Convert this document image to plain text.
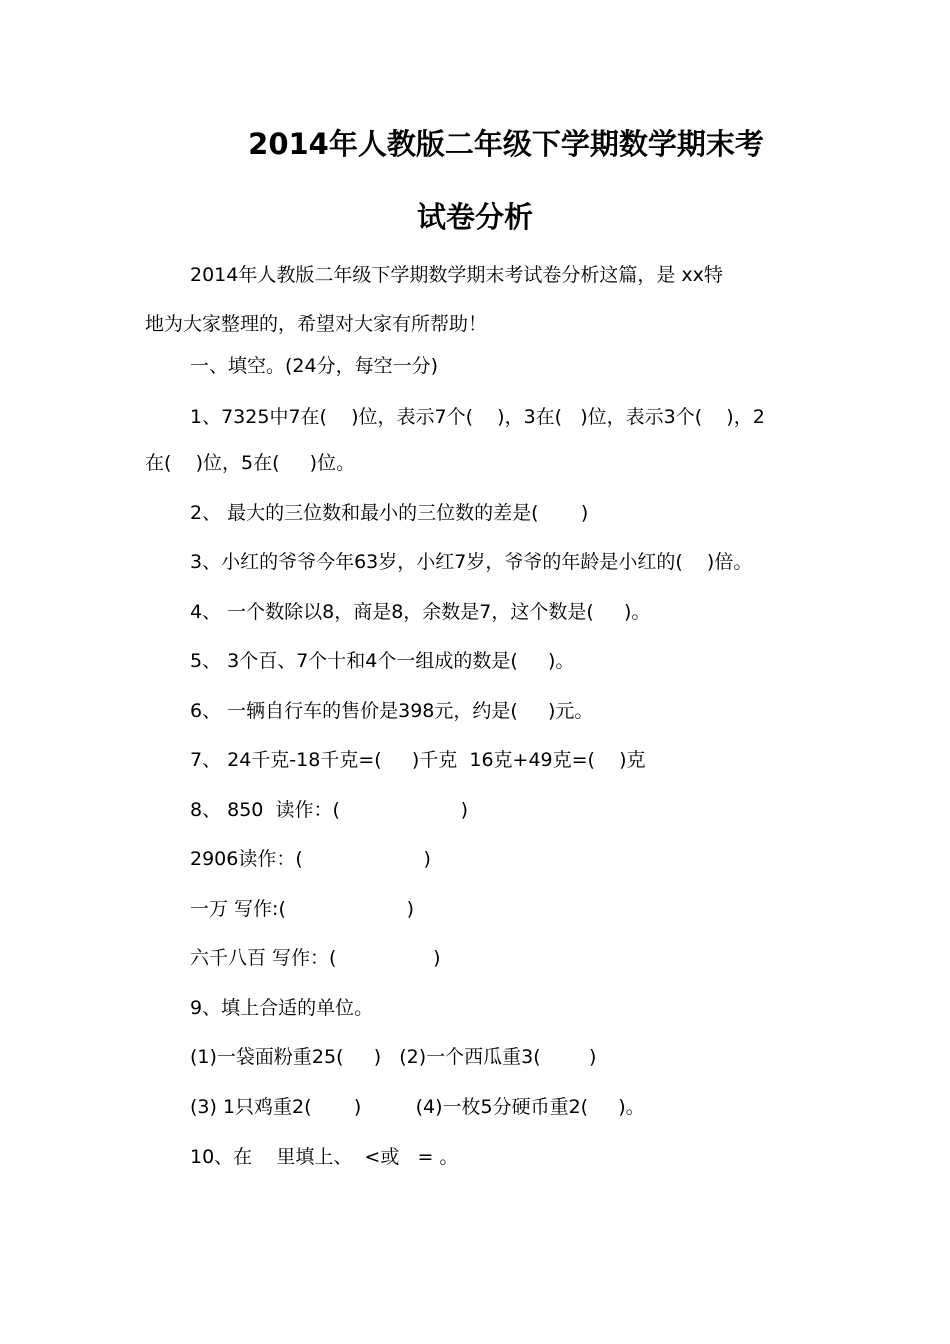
2014年人教版二年级下学期数学期末考
试卷分析
2014年人教版二年级下学期数学期末考试卷分析这篇，是 xx特
地为大家整理的，希望对大家有所帮助！
一、填空。(24分，每空一分)
1、7325中7在(    )位，表示7个(    )，3在(   )位，表示3个(    )，2
在(    )位，5在(     )位。
2、 最大的三位数和最小的三位数的差是(       )
3、小红的爷爷今年63岁，小红7岁，爷爷的年龄是小红的(    )倍。
4、 一个数除以8，商是8，余数是7，这个数是(     )。
5、 3个百、7个十和4个一组成的数是(     )。
6、 一辆自行车的售价是398元，约是(     )元。
7、 24千克-18千克=(     )千克  16克+49克=(    )克
8、 850  读作：(                    )
2906读作：(                    )
一万 写作:(                    )
六千八百 写作：(                )
9、填上合适的单位。
(1)一袋面粉重25(     )   (2)一个西瓜重3(        )
(3) 1只鸡重2(       )         (4)一枚5分硬币重2(     )。
10、在    里填上、  <或   = 。
